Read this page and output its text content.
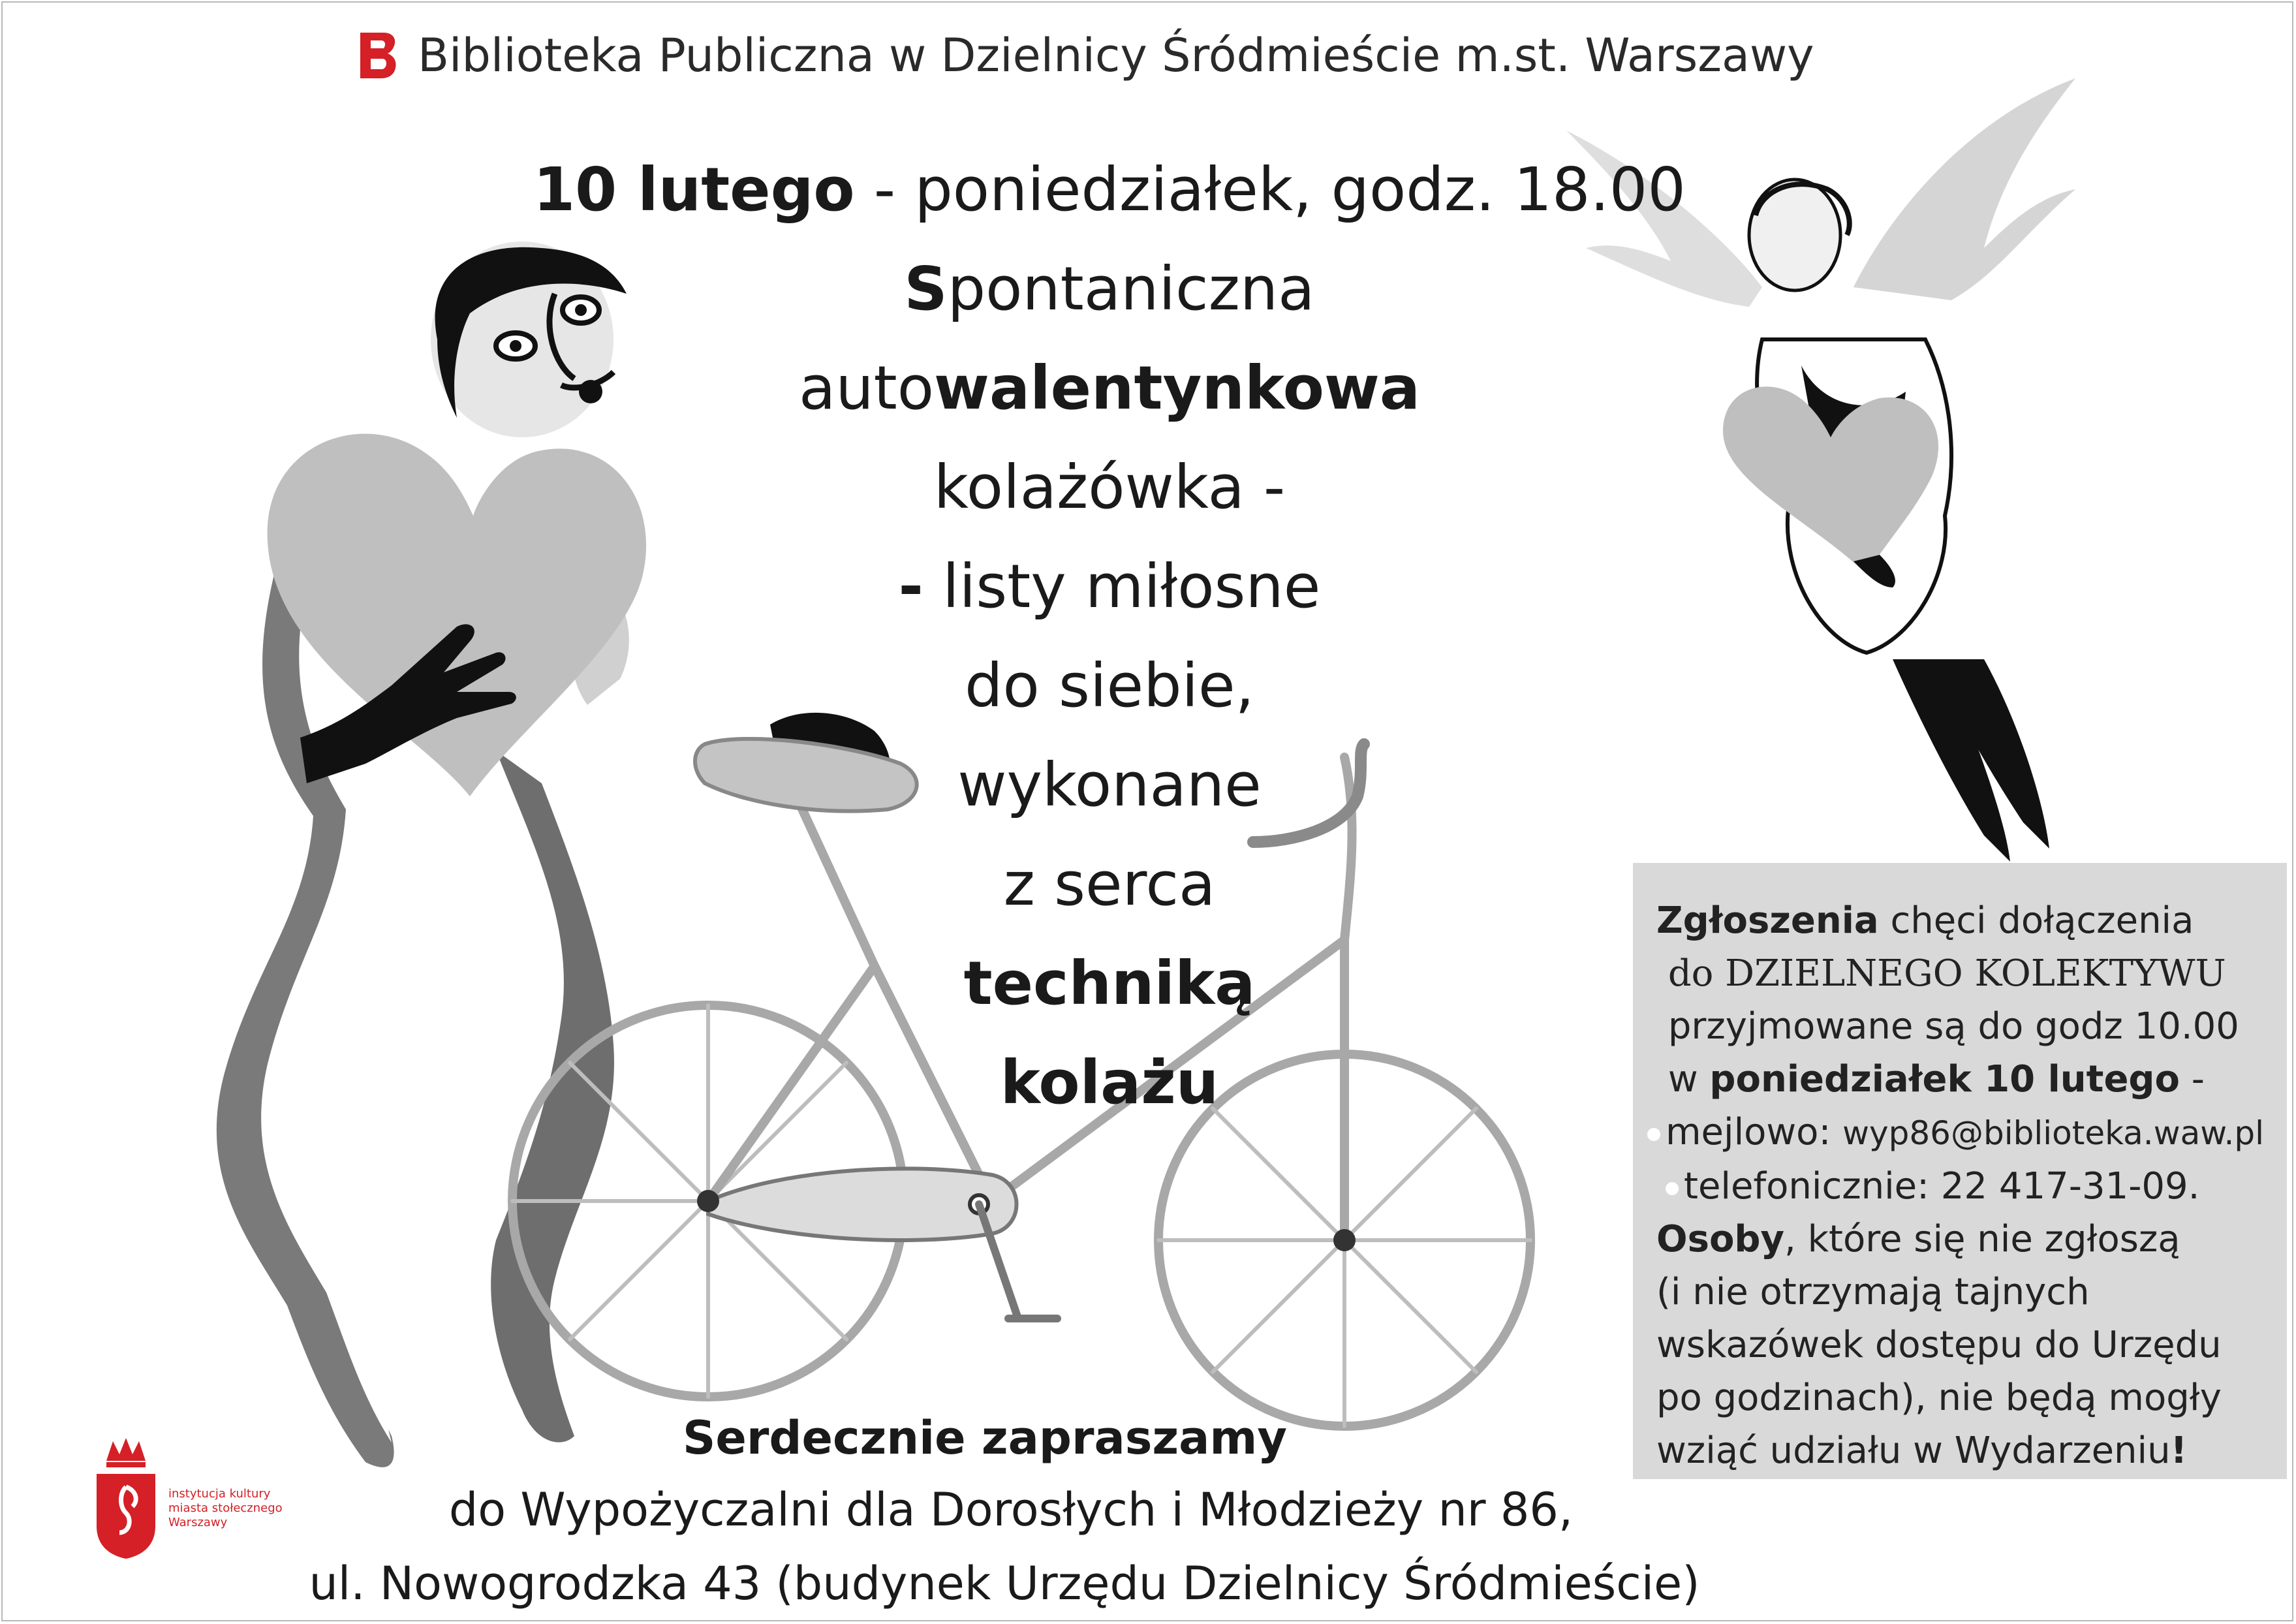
Biblioteka Publiczna w Dzielnicy Śródmieście m.st. Warszawy
10 lutego - poniedziałek, godz. 18.00
Spontaniczna
autowalentynkowa
kolażówka -
- listy miłosne
do siebie,
wykonane
z serca
techniką
kolażu
Zgłoszenia chęci dołączenia
do DZIELNEGO KOLEKTYWU
przyjmowane są do godz 10.00
w poniedziałek 10 lutego -
mejlowo: wyp86@biblioteka.waw.pl
telefonicznie: 22 417-31-09.
Osoby, które się nie zgłoszą
(i nie otrzymają tajnych
wskazówek dostępu do Urzędu
po godzinach), nie będą mogły
wziąć udziału w Wydarzeniu!
Serdecznie zapraszamy
do Wypożyczalni dla Dorosłych i Młodzieży nr 86,
ul. Nowogrodzka 43 (budynek Urzędu Dzielnicy Śródmieście)
instytucja kultury
miasta stołecznego
Warszawy
